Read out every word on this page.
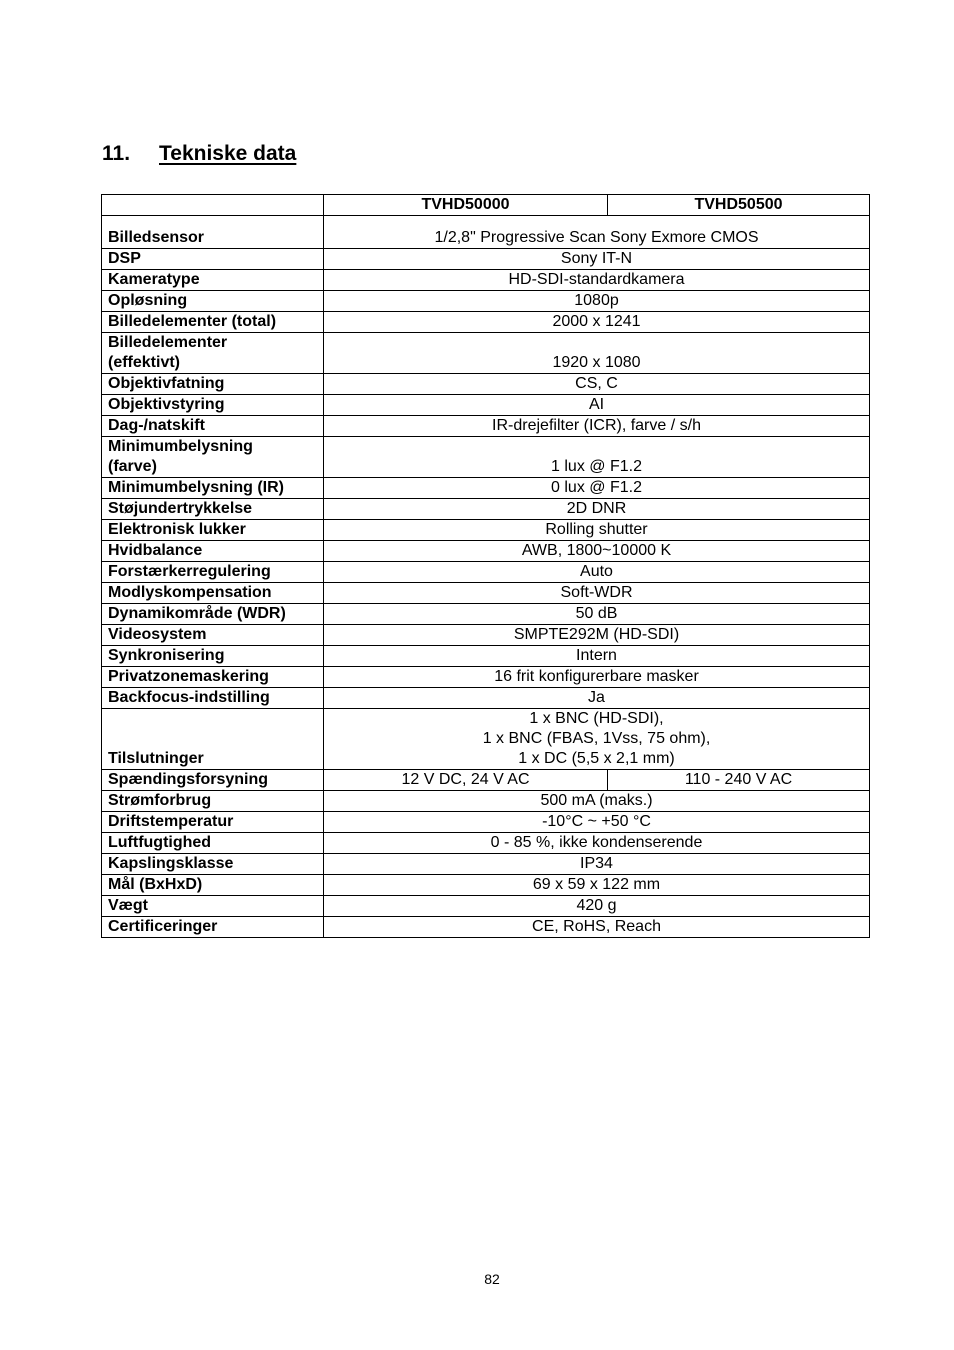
11.	Tekniske data
	TVHD50000	TVHD50500
Billedsensor	1/2,8" Progressive Scan Sony Exmore CMOS	
DSP	Sony IT-N	
Kameratype	HD-SDI-standardkamera	
Opløsning	1080p	
Billedelementer (total)	2000 x 1241	
Billedelementer
(effektivt)	1920 x 1080	
Objektivfatning	CS, C	
Objektivstyring	AI	
Dag-/natskift	IR-drejefilter (ICR), farve / s/h	
Minimumbelysning
(farve)	1 lux @ F1.2	
Minimumbelysning (IR)	0 lux @ F1.2	
Støjundertrykkelse	2D DNR	
Elektronisk lukker	Rolling shutter	
Hvidbalance	AWB, 1800~10000 K	
Forstærkerregulering	Auto	
Modlyskompensation	Soft-WDR	
Dynamikområde (WDR)	50 dB	
Videosystem	SMPTE292M (HD-SDI)	
Synkronisering	Intern	
Privatzonemaskering	16 frit konfigurerbare masker	
Backfocus-indstilling	Ja	
Tilslutninger	1 x BNC (HD-SDI),
1 x BNC (FBAS, 1Vss, 75 ohm),
1 x DC (5,5 x 2,1 mm)	
Spændingsforsyning	12 V DC, 24 V AC	110 - 240 V AC
Strømforbrug	500 mA (maks.)	
Driftstemperatur	-10°C ~ +50 °C	
Luftfugtighed	0 - 85 %, ikke kondenserende	
Kapslingsklasse	IP34	
Mål (BxHxD)	69 x 59 x 122 mm	
Vægt	420 g	
Certificeringer	CE, RoHS, Reach	
82
